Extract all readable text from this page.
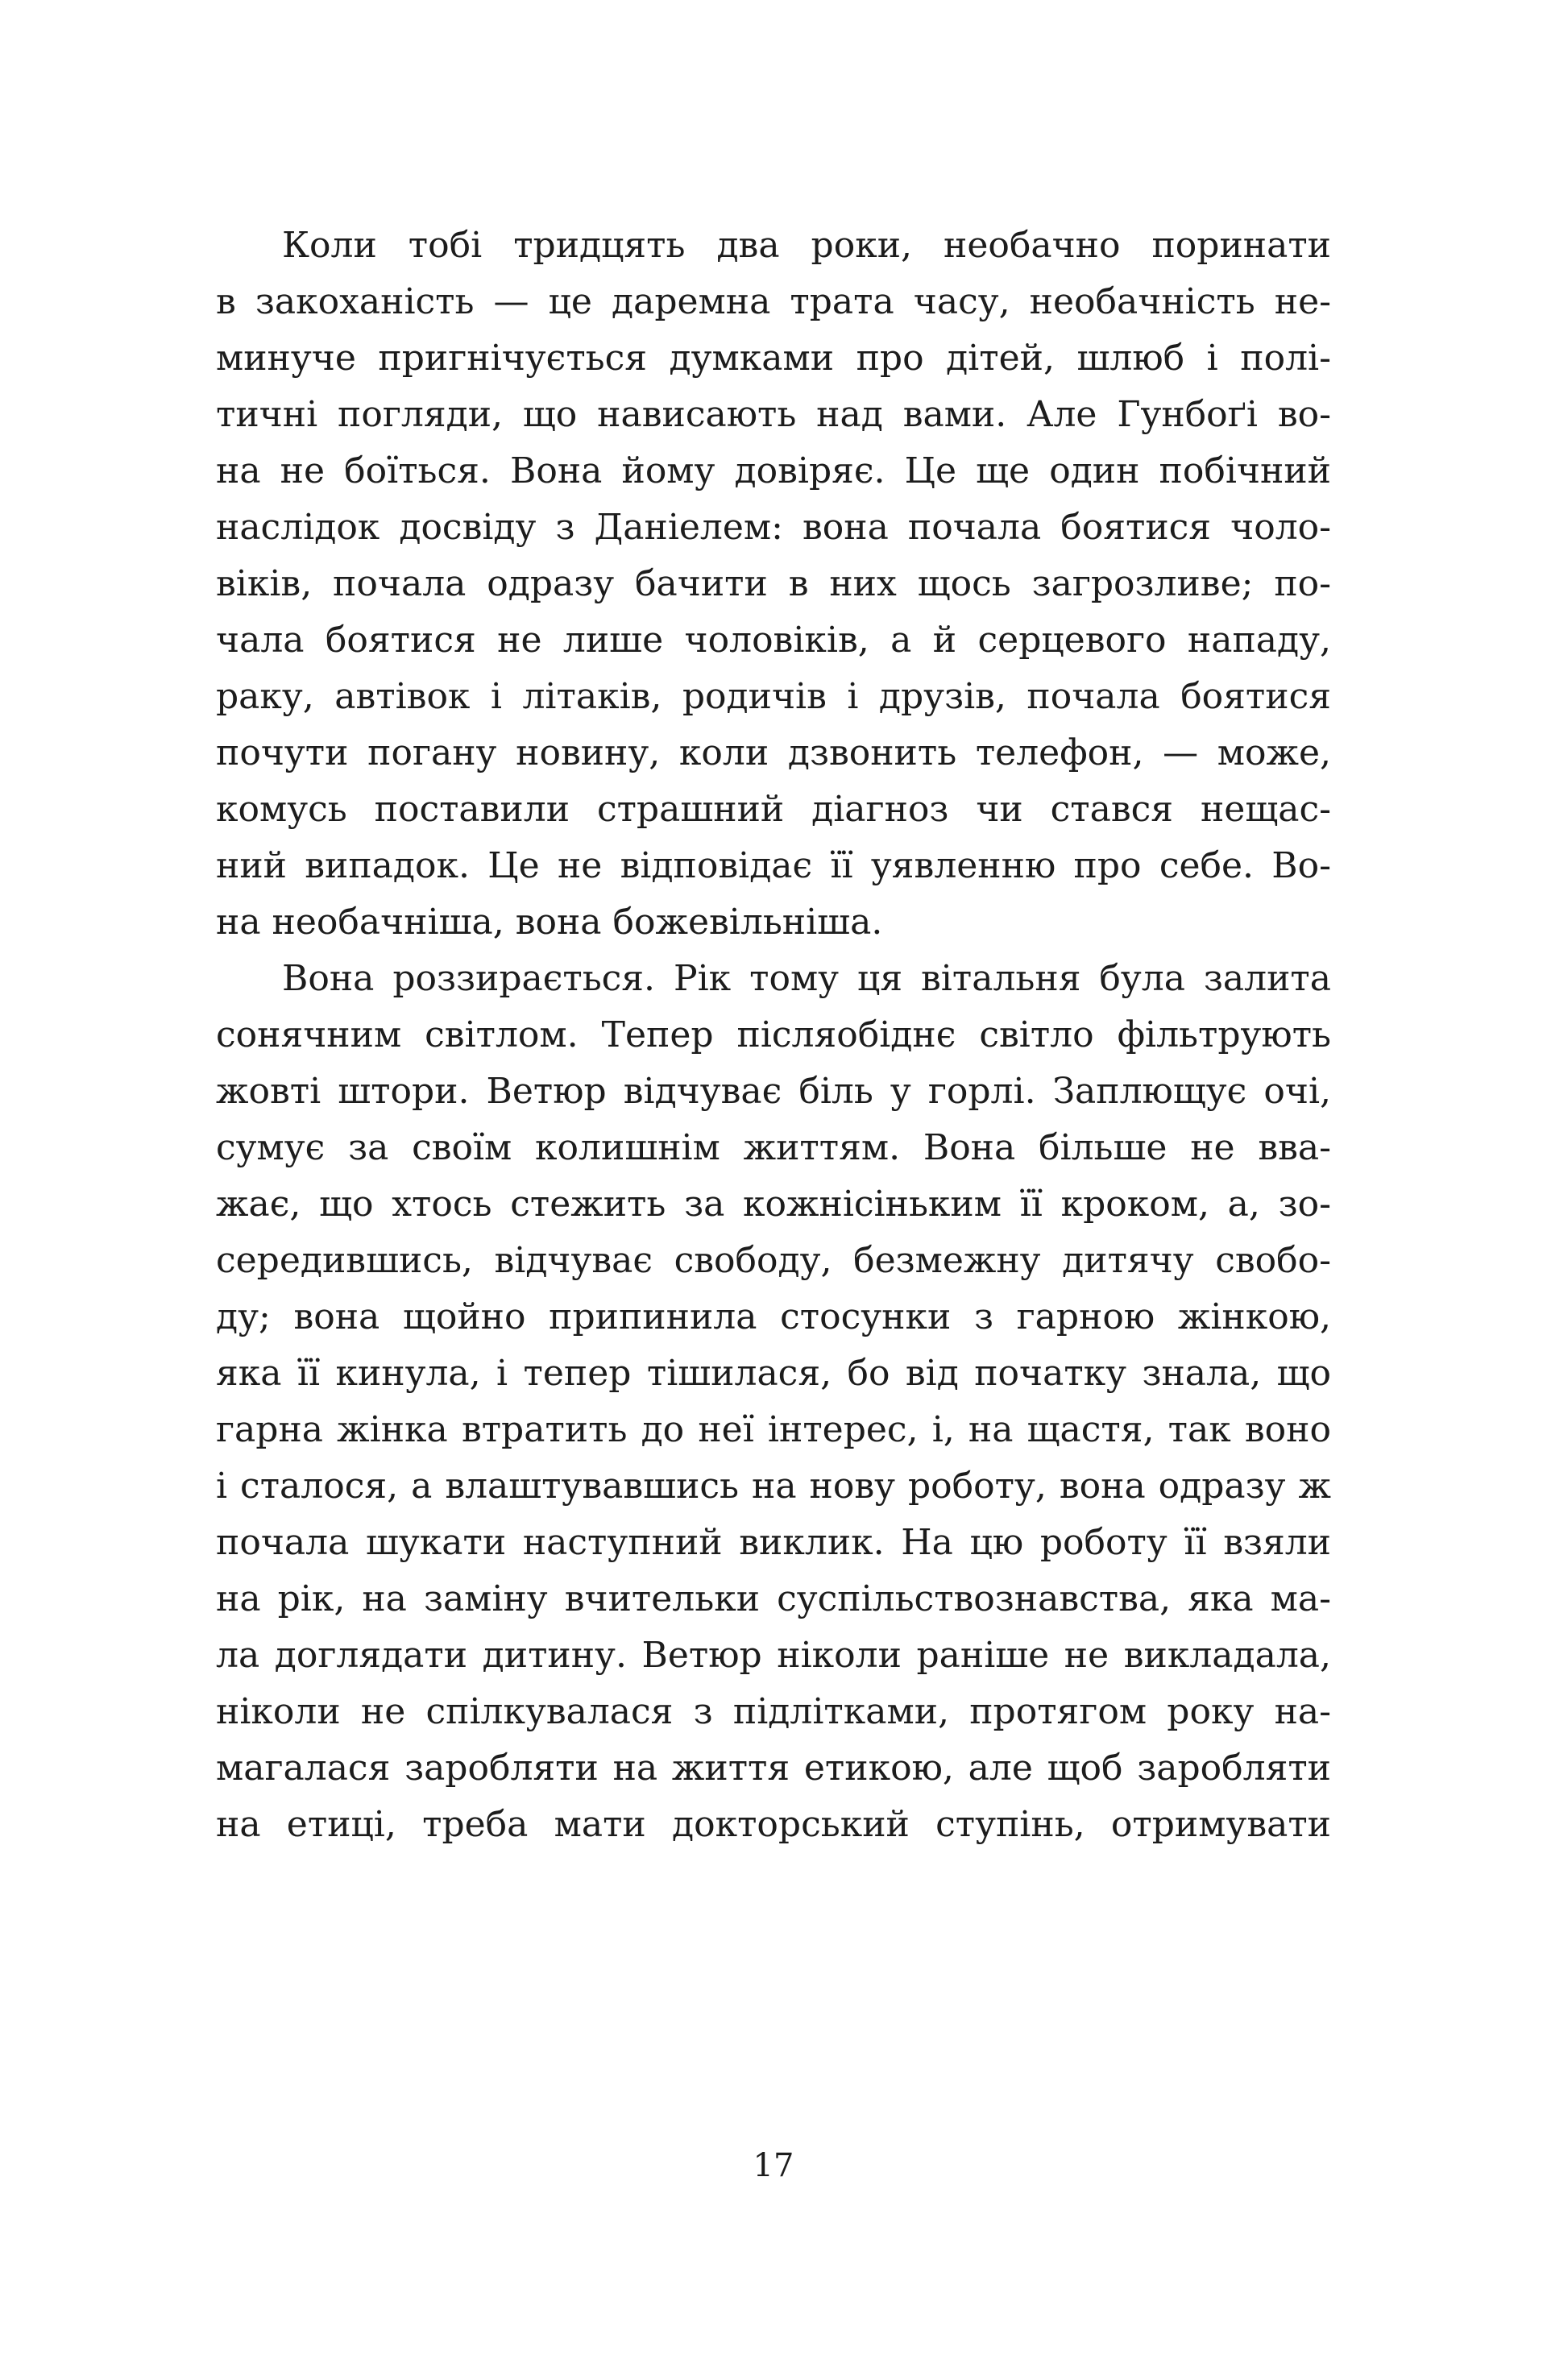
Коли тобі тридцять два роки, необачно поринати
в закоханість — це даремна трата часу, необачність не-
минуче пригнічується думками про дітей, шлюб і полі-
тичні погляди, що нависають над вами. Але Гунбоґі во-
на не боїться. Вона йому довіряє. Це ще один побічний
наслідок досвіду з Даніелем: вона почала боятися чоло-
віків, почала одразу бачити в них щось загрозливе; по-
чала боятися не лише чоловіків, а й серцевого нападу,
раку, автівок і літаків, родичів і друзів, почала боятися
почути погану новину, коли дзвонить телефон, — може,
комусь поставили страшний діагноз чи стався нещас-
ний випадок. Це не відповідає її уявленню про себе. Во-
на необачніша, вона божевільніша.
Вона роззирається. Рік тому ця вітальня була залита
сонячним світлом. Тепер післяобіднє світло фільтрують
жовті штори. Ветюр відчуває біль у горлі. Заплющує очі,
сумує за своїм колишнім життям. Вона більше не вва-
жає, що хтось стежить за кожнісіньким її кроком, а, зо-
середившись, відчуває свободу, безмежну дитячу свобо-
ду; вона щойно припинила стосунки з гарною жінкою,
яка її кинула, і тепер тішилася, бо від початку знала, що
гарна жінка втратить до неї інтерес, і, на щастя, так воно
і сталося, а влаштувавшись на нову роботу, вона одразу ж
почала шукати наступний виклик. На цю роботу її взяли
на рік, на заміну вчительки суспільствознавства, яка ма-
ла доглядати дитину. Ветюр ніколи раніше не викладала,
ніколи не спілкувалася з підлітками, протягом року на-
магалася заробляти на життя етикою, але щоб заробляти
на етиці, треба мати докторський ступінь, отримувати
17
